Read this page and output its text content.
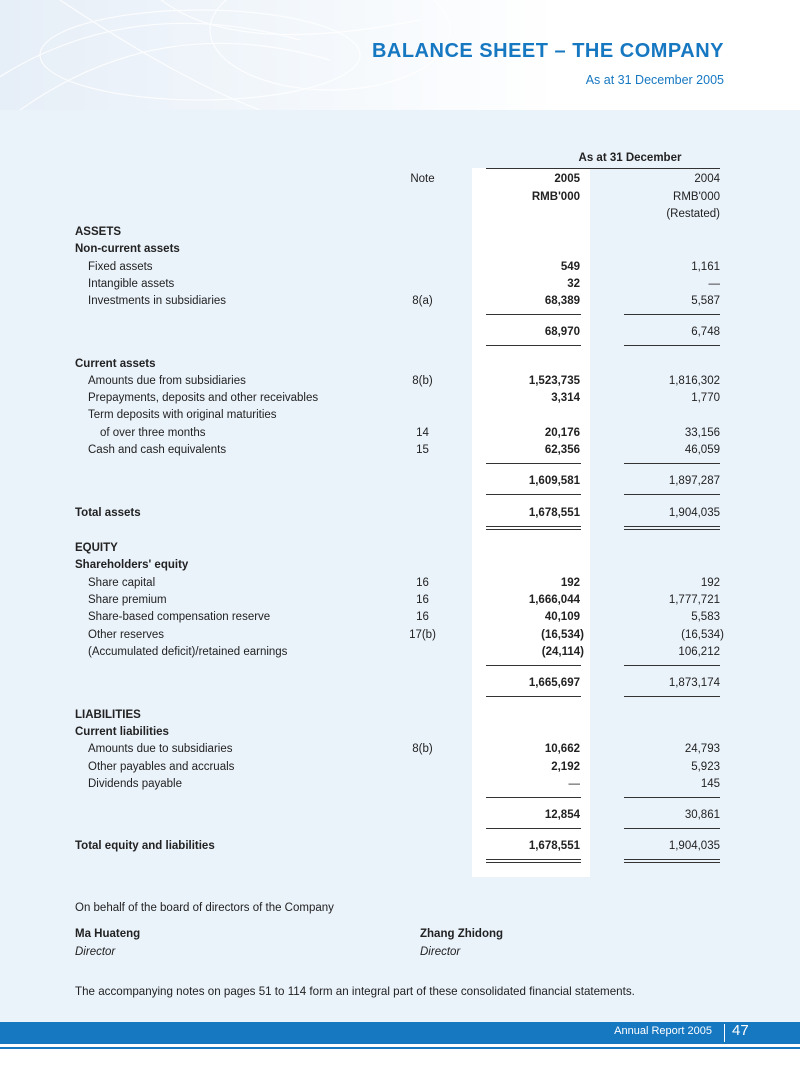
BALANCE SHEET – THE COMPANY
As at 31 December 2005
As at 31 December
Note	2005	2004
RMB'000	RMB'000
(Restated)
ASSETS
Non-current assets
Fixed assets	549	1,161
Intangible assets	32	—
Investments in subsidiaries	8(a)	68,389	5,587
68,970	6,748
Current assets
Amounts due from subsidiaries	8(b)	1,523,735	1,816,302
Prepayments, deposits and other receivables	3,314	1,770
Term deposits with original maturities
of over three months	14	20,176	33,156
Cash and cash equivalents	15	62,356	46,059
1,609,581	1,897,287
Total assets	1,678,551	1,904,035
EQUITY
Shareholders' equity
Share capital	16	192	192
Share premium	16	1,666,044	1,777,721
Share-based compensation reserve	16	40,109	5,583
Other reserves	17(b)	(16,534)	(16,534)
(Accumulated deficit)/retained earnings	(24,114)	106,212
1,665,697	1,873,174
LIABILITIES
Current liabilities
Amounts due to subsidiaries	8(b)	10,662	24,793
Other payables and accruals	2,192	5,923
Dividends payable	—	145
12,854	30,861
Total equity and liabilities	1,678,551	1,904,035
On behalf of the board of directors of the Company
Ma Huateng
Director
Zhang Zhidong
Director
The accompanying notes on pages 51 to 114 form an integral part of these consolidated financial statements.
Annual Report 2005 47
